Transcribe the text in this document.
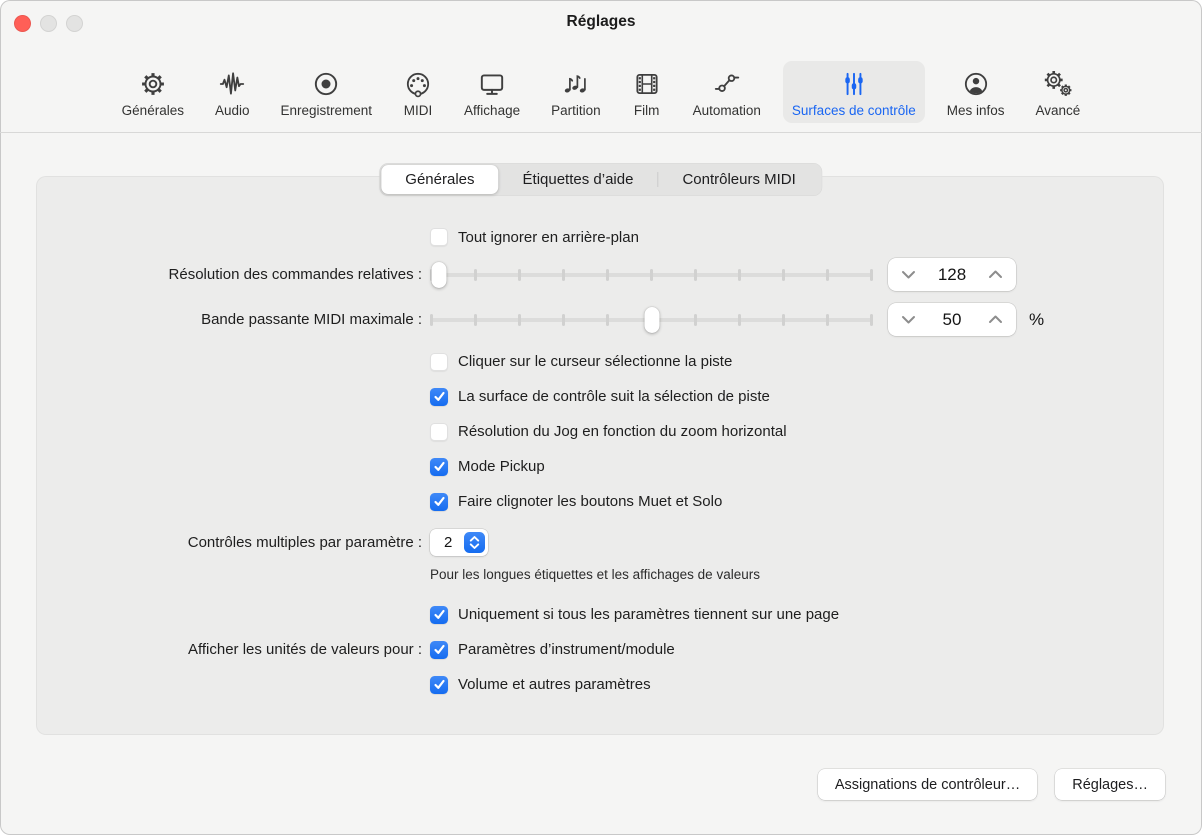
Réglages
Générales Audio Enregistrement MIDI Affichage Partition Film Automation Surfaces de contrôle Mes infos Avancé
Générales	Étiquettes d’aide	Contrôleurs MIDI
Tout ignorer en arrière-plan
Résolution des commandes relatives :	128
Bande passante MIDI maximale :	50	%
Cliquer sur le curseur sélectionne la piste
La surface de contrôle suit la sélection de piste
Résolution du Jog en fonction du zoom horizontal
Mode Pickup
Faire clignoter les boutons Muet et Solo
Contrôles multiples par paramètre :	2
Pour les longues étiquettes et les affichages de valeurs
Uniquement si tous les paramètres tiennent sur une page
Afficher les unités de valeurs pour : Paramètres d’instrument/module
Volume et autres paramètres
Assignations de contrôleur…	Réglages…
